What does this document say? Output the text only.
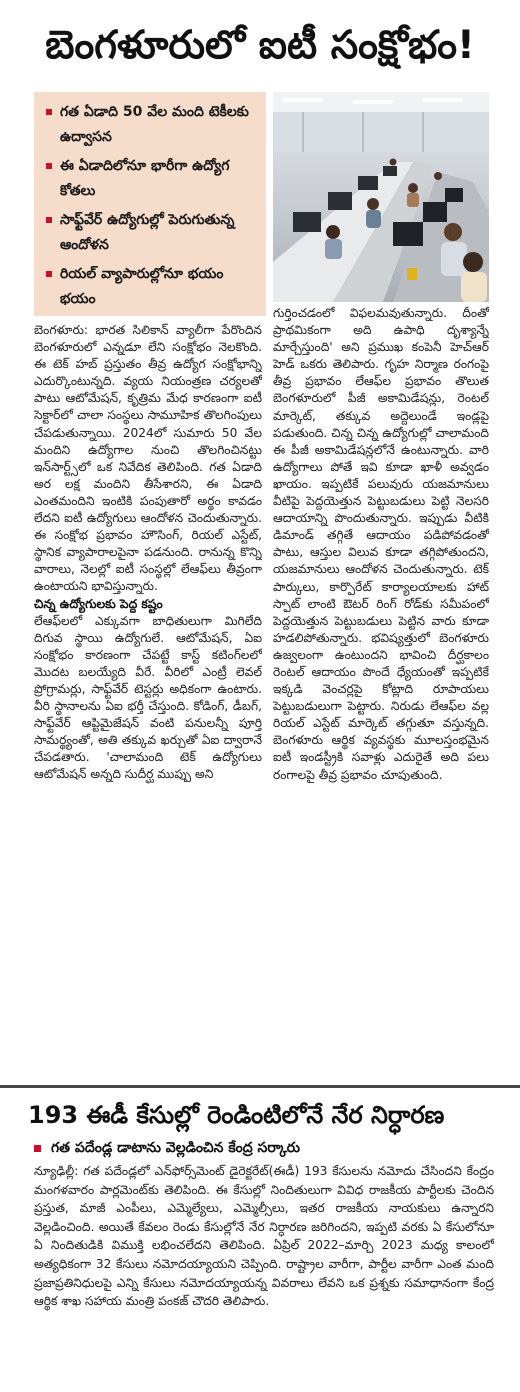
బెంగళూరులో ఐటీ సంక్షోభం!
గత ఏడాది 50 వేల మంది టెకీలకు ఉద్వాసన
ఈ ఏడాదిలోనూ భారీగా ఉద్యోగ కోతలు
సాఫ్ట్‌వేర్ ఉద్యోగుల్లో పెరుగుతున్న ఆందోళన
రియల్ వ్యాపారుల్లోనూ భయం భయం

బెంగళూరు: భారత సిలికాన్ వ్యాలీగా పేరొందిన బెంగళూరులో ఎన్నడూ లేని సంక్షోభం నెలకొంది. ఈ టెక్ హబ్ ప్రస్తుతం తీవ్ర ఉద్యోగ సంక్షోభాన్ని ఎదుర్కొంటున్నది. వ్యయ నియంత్రణ చర్యలతో పాటు ఆటోమేషన్, కృత్రిమ మేధ కారణంగా ఐటీ సెక్టార్‌లో చాలా సంస్థలు సామూహిక తొలగింపులు చేపడుతున్నాయి. 2024లో సుమారు 50 వేల మందిని ఉద్యోగాల నుంచి తొలగించినట్టు ఇన్‌సార్ట్స్‌లో ఒక నివేదిక తెలిపింది. గత ఏడాది అర లక్ష మందిని తీసేశారని, ఈ ఏడాది ఎంతమందిని ఇంటికి పంపుతారో అర్థం కావడం లేదని ఐటీ ఉద్యోగులు ఆందోళన చెందుతున్నారు. ఈ సంక్షోభ ప్రభావం హౌసింగ్, రియల్ ఎస్టేట్, స్థానిక వ్యాపారాలపైనా పడనుంది. రానున్న కొన్ని వారాలు, నెలల్లో ఐటీ సంస్థల్లో లేఆఫ్‌లు తీవ్రంగా ఉంటాయని భావిస్తున్నారు.

చిన్న ఉద్యోగులకు పెద్ద కష్టం

లేఆఫ్‌లలో ఎక్కువగా బాధితులుగా మిగిలేది దిగువ స్థాయి ఉద్యోగులే. ఆటోమేషన్, ఏఐ సంక్షోభం కారణంగా చేపట్టే కాస్ట్ కటింగ్‌లలో మొదట బలయ్యేది వీరే. వీరిలో ఎంట్రీ లెవల్ ప్రోగ్రామర్లు, సాఫ్ట్‌వేర్ టెస్టర్లు అధికంగా ఉంటారు. వీరి స్థానాలను ఏఐ భర్తీ చేస్తుంది. కోడింగ్, డీబగ్, సాఫ్ట్‌వేర్ ఆప్టిమైజేషన్ వంటి పనులన్నీ పూర్తి సామర్థ్యంతో, అతి తక్కువ ఖర్చుతో ఏఐ ద్వారానే చేపడతారు. 'చాలామంది టెక్ ఉద్యోగులు ఆటోమేషన్ అన్నది సుదీర్ఘ ముప్పు అని

గుర్తించడంలో విఫలమవుతున్నారు. దీంతో ప్రాథమికంగా అది ఉపాధి దృశ్యాన్నే మార్చేస్తుంది' అని ప్రముఖ కంపెనీ హెచ్‌ఆర్ హెడ్ ఒకరు తెలిపారు. గృహ నిర్మాణ రంగంపై తీవ్ర ప్రభావం లేఆఫ్‌ల ప్రభావం తొలుత బెంగళూరులో పీజీ అకామిడేషన్లు, రెంటల్ మార్కెట్, తక్కువ అద్దెలుండే ఇండ్లపై పడుతుంది. చిన్న చిన్న ఉద్యోగుల్లో చాలామంది ఈ పీజీ అకామిడేషన్లలోనే ఉంటున్నారు. వారి ఉద్యోగాలు పోతే ఇవి కూడా ఖాళీ అవ్వడం ఖాయం. ఇప్పటికే పలువురు యజమానులు వీటిపై పెద్దయెత్తున పెట్టుబడులు పెట్టి నెలసరి ఆదాయాన్ని పొందుతున్నారు. ఇప్పుడు వీటికి డిమాండ్ తగ్గితే ఆదాయం పడిపోవడంతో పాటు, ఆస్తుల విలువ కూడా తగ్గిపోతుందని, యజమానులు ఆందోళన చెందుతున్నారు. టెక్ పార్కులు, కార్పొరేట్ కార్యాలయాలకు హాట్ స్పాట్ లాంటి ఔటర్ రింగ్ రోడ్‌కు సమీపంలో పెద్దయెత్తున పెట్టుబడులు పెట్టిన వారు కూడా హడలిపోతున్నారు. భవిష్యత్తులో బెంగళూరు ఉజ్వలంగా ఉంటుందని భావించి దీర్ఘకాలం రెంటల్ ఆదాయం పొందే ధ్యేయంతో ఇప్పటికే ఇక్కడి వెంచర్లపై కోట్లాది రూపాయలు పెట్టుబడులుగా పెట్టారు. నిరుడు లేఆఫ్‌ల వల్ల రియల్ ఎస్టేట్ మార్కెట్ తగ్గుతూ వస్తున్నది. బెంగళూరు ఆర్థిక వ్యవస్థకు మూలస్తంభమైన ఐటీ ఇండస్ట్రీకి సవాళ్లు ఎదురైతే అది పలు రంగాలపై తీవ్ర ప్రభావం చూపుతుంది.

193 ఈడీ కేసుల్లో రెండింటిలోనే నేర నిర్ధారణ
గత పదేండ్ల డాటాను వెల్లడించిన కేంద్ర సర్కారు
న్యూఢిల్లీ: గత పదేండ్లలో ఎన్‌ఫోర్స్‌మెంట్ డైరెక్టరేట్(ఈడీ) 193 కేసులను నమోదు చేసిందని కేంద్రం మంగళవారం పార్లమెంట్‌కు తెలిపింది. ఈ కేసుల్లో నిందితులుగా వివిధ రాజకీయ పార్టీలకు చెందిన ప్రస్తుత, మాజీ ఎంపీలు, ఎమ్మెల్యేలు, ఎమ్మెల్సీలు, ఇతర రాజకీయ నాయకులు ఉన్నారని వెల్లడించింది. అయితే కేవలం రెండు కేసుల్లోనే నేర నిర్ధారణ జరిగిందని, ఇప్పటి వరకు ఏ కేసులోనూ ఏ నిందితుడికి విముక్తి లభించలేదని తెలిపింది. ఏప్రిల్ 2022–మార్చి 2023 మధ్య కాలంలో అత్యధికంగా 32 కేసులు నమోదయ్యాయని చెప్పింది. రాష్ట్రాల వారీగా, పార్టీల వారీగా ఎంత మంది ప్రజాప్రతినిధులపై ఎన్ని కేసులు నమోదయ్యాయన్న వివరాలు లేవని ఒక ప్రశ్నకు సమాధానంగా కేంద్ర ఆర్థిక శాఖ సహాయ మంత్రి పంకజ్ చౌదరి తెలిపారు.
